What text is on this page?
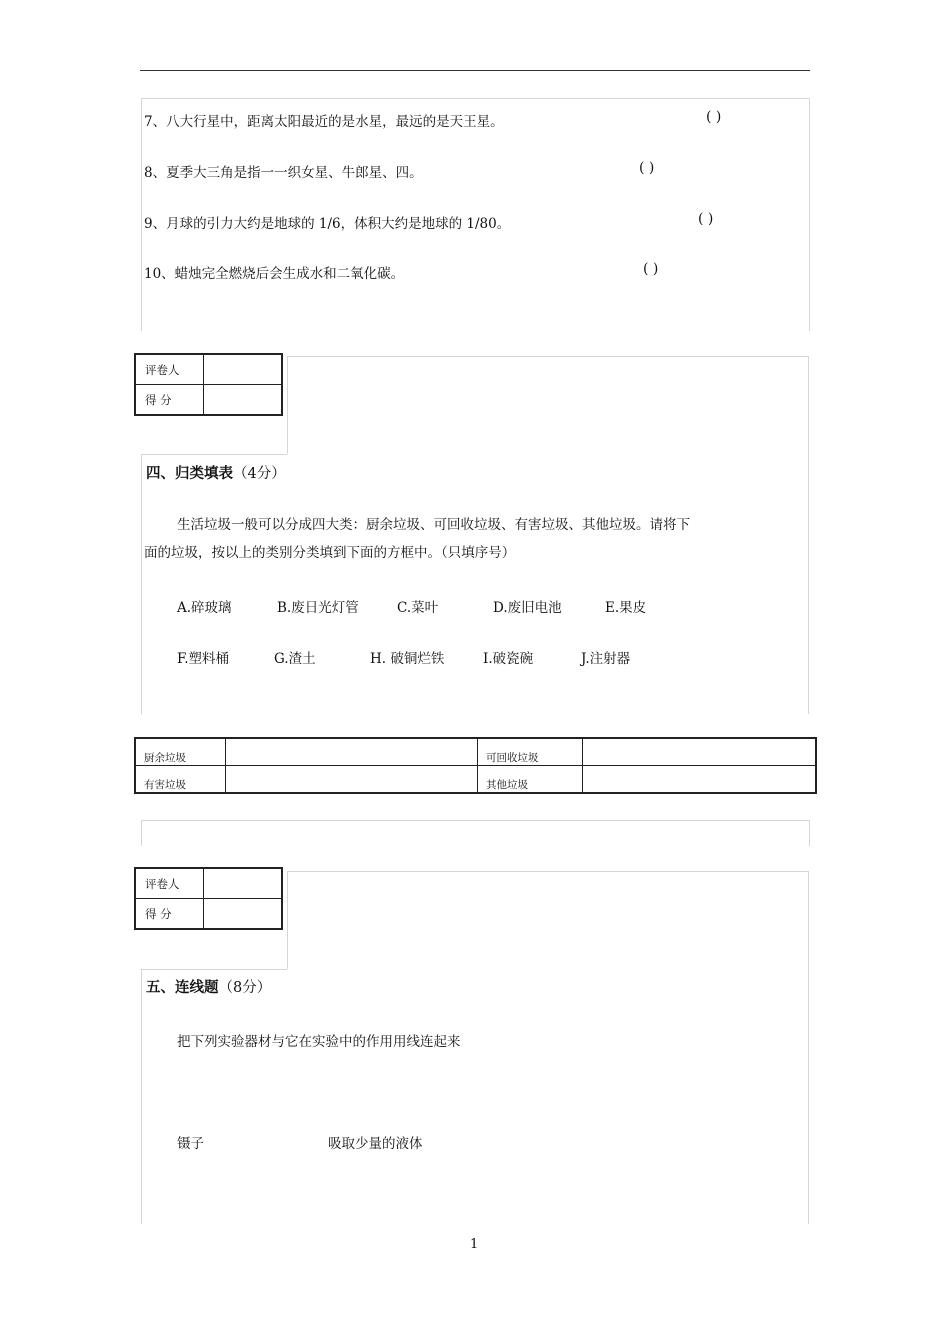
7、八大行星中，距离太阳最近的是水星，最远的是天王星。	( )
8、夏季大三角是指一一织女星、牛郎星、四。	( )
9、月球的引力大约是地球的 1/6，体积大约是地球的 1/80。	( )
10、蜡烛完全燃烧后会生成水和二氧化碳。	( )
评卷人	
得 分	
四、归类填表（4分）
生活垃圾一般可以分成四大类：厨余垃圾、可回收垃圾、有害垃圾、其他垃圾。请将下
面的垃圾，按以上的类别分类填到下面的方框中。（只填序号）
A.碎玻璃	B.废日光灯管	C.菜叶	D.废旧电池	E.果皮
F.塑料桶	G.渣土	H. 破铜烂铁	I.破瓷碗	J.注射器
厨余垃圾		可回收垃圾	
有害垃圾		其他垃圾	
评卷人	
得 分	
五、连线题（8分）
把下列实验器材与它在实验中的作用用线连起来
镊子	吸取少量的液体
1
